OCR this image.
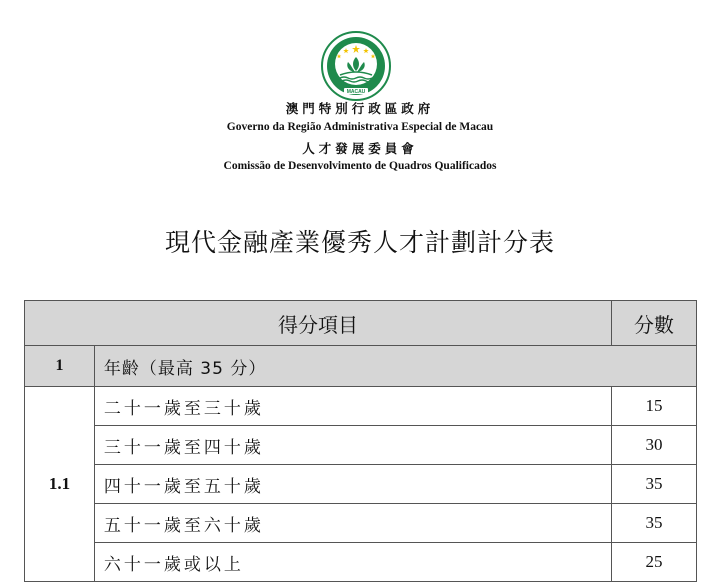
MACAU
澳門特別行政區政府
Governo da Região Administrativa Especial de Macau
人才發展委員會
Comissão de Desenvolvimento de Quadros Qualificados
現代金融產業優秀人才計劃計分表
得分項目		分數
1	年齡（最高 35 分）	
1.1	二十一歲至三十歲	15
	三十一歲至四十歲	30
	四十一歲至五十歲	35
	五十一歲至六十歲	35
	六十一歲或以上	25
